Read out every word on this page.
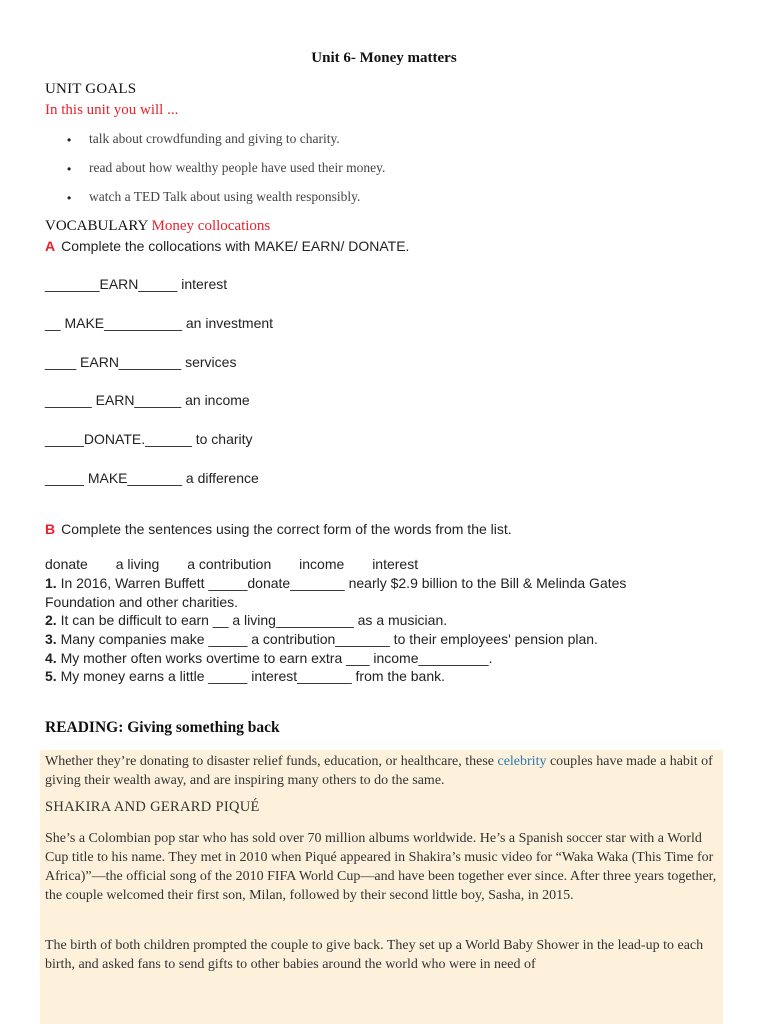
Unit 6- Money matters
UNIT GOALS
In this unit you will ...
• talk about crowdfunding and giving to charity.
• read about how wealthy people have used their money.
• watch a TED Talk about using wealth responsibly.
VOCABULARY Money collocations
A Complete the collocations with MAKE/ EARN/ DONATE.
_______EARN_____ interest
__ MAKE__________ an investment
____ EARN________ services
______ EARN______ an income
_____DONATE.______ to charity
_____ MAKE_______ a difference
B Complete the sentences using the correct form of the words from the list.
donate a living a contribution income interest
1. In 2016, Warren Buffett _____donate_______ nearly $2.9 billion to the Bill & Melinda Gates
Foundation and other charities.
2. It can be difficult to earn __ a living__________ as a musician.
3. Many companies make _____ a contribution_______ to their employees' pension plan.
4. My mother often works overtime to earn extra ___ income_________.
5. My money earns a little _____ interest_______ from the bank.
READING: Giving something back
Whether they’re donating to disaster relief funds, education, or healthcare, these celebrity couples have made a habit of giving their wealth away, and are inspiring many others to do the same.
SHAKIRA AND GERARD PIQUÉ
She’s a Colombian pop star who has sold over 70 million albums worldwide. He’s a Spanish soccer star with a World Cup title to his name. They met in 2010 when Piqué appeared in Shakira’s music video for “Waka Waka (This Time for Africa)”—the official song of the 2010 FIFA World Cup—and have been together ever since. After three years together, the couple welcomed their first son, Milan, followed by their second little boy, Sasha, in 2015.
The birth of both children prompted the couple to give back. They set up a World Baby Shower in the lead-up to each birth, and asked fans to send gifts to other babies around the world who were in need of
